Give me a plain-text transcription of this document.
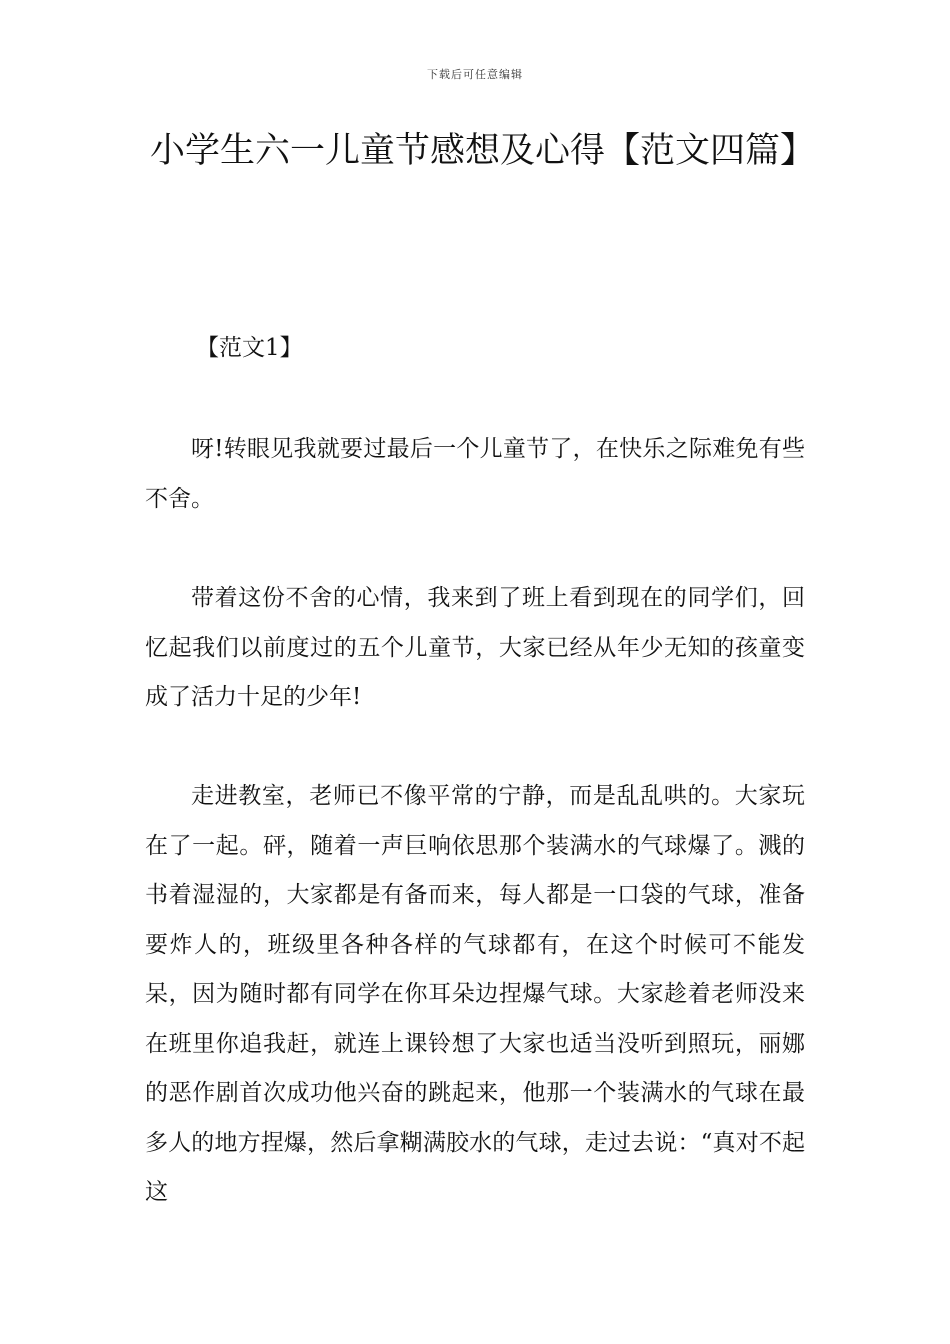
下载后可任意编辑
小学生六一儿童节感想及心得【范文四篇】

【范文1】

呀!转眼见我就要过最后一个儿童节了，在快乐之际难免有些不舍。

带着这份不舍的心情，我来到了班上看到现在的同学们，回忆起我们以前度过的五个儿童节，大家已经从年少无知的孩童变成了活力十足的少年!

走进教室，老师已不像平常的宁静，而是乱乱哄的。大家玩在了一起。砰，随着一声巨响依思那个装满水的气球爆了。溅的书着湿湿的，大家都是有备而来，每人都是一口袋的气球，准备要炸人的，班级里各种各样的气球都有，在这个时候可不能发呆，因为随时都有同学在你耳朵边捏爆气球。大家趁着老师没来在班里你追我赶，就连上课铃想了大家也适当没听到照玩，丽娜的恶作剧首次成功他兴奋的跳起来，他那一个装满水的气球在最多人的地方捏爆，然后拿糊满胶水的气球，走过去说：“真对不起这
